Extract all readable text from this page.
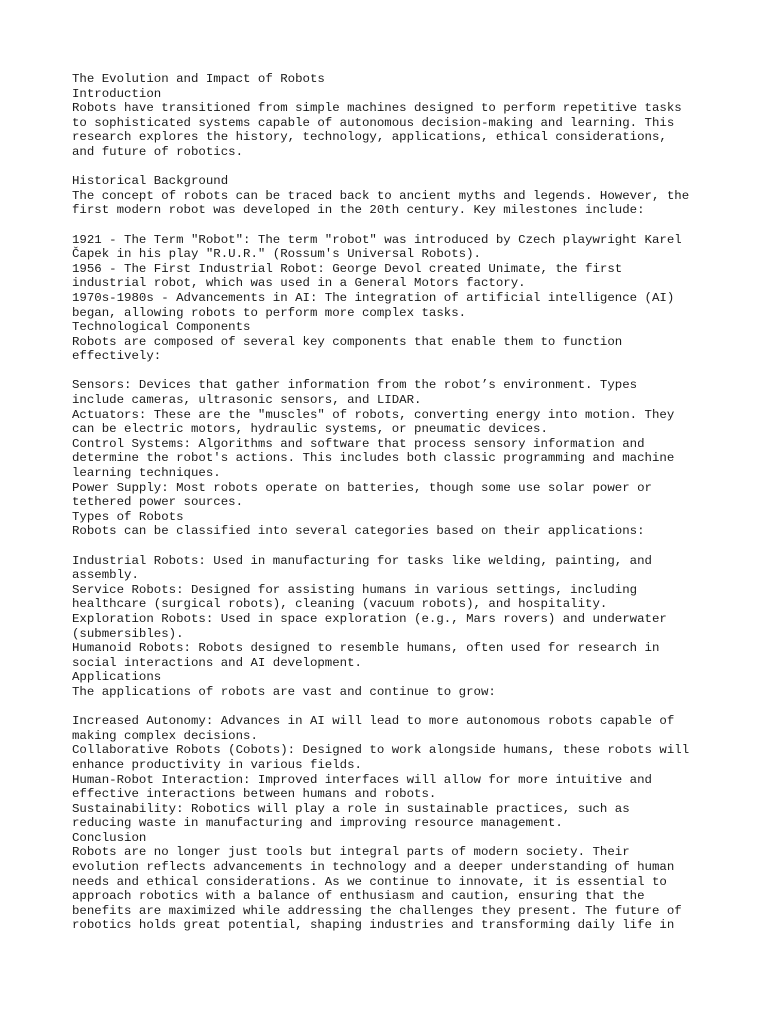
The Evolution and Impact of Robots
Introduction
Robots have transitioned from simple machines designed to perform repetitive tasks
to sophisticated systems capable of autonomous decision-making and learning. This
research explores the history, technology, applications, ethical considerations,
and future of robotics.
Historical Background
The concept of robots can be traced back to ancient myths and legends. However, the
first modern robot was developed in the 20th century. Key milestones include:
1921 - The Term "Robot": The term "robot" was introduced by Czech playwright Karel
Čapek in his play "R.U.R." (Rossum's Universal Robots).
1956 - The First Industrial Robot: George Devol created Unimate, the first
industrial robot, which was used in a General Motors factory.
1970s-1980s - Advancements in AI: The integration of artificial intelligence (AI)
began, allowing robots to perform more complex tasks.
Technological Components
Robots are composed of several key components that enable them to function
effectively:
Sensors: Devices that gather information from the robot’s environment. Types
include cameras, ultrasonic sensors, and LIDAR.
Actuators: These are the "muscles" of robots, converting energy into motion. They
can be electric motors, hydraulic systems, or pneumatic devices.
Control Systems: Algorithms and software that process sensory information and
determine the robot's actions. This includes both classic programming and machine
learning techniques.
Power Supply: Most robots operate on batteries, though some use solar power or
tethered power sources.
Types of Robots
Robots can be classified into several categories based on their applications:
Industrial Robots: Used in manufacturing for tasks like welding, painting, and
assembly.
Service Robots: Designed for assisting humans in various settings, including
healthcare (surgical robots), cleaning (vacuum robots), and hospitality.
Exploration Robots: Used in space exploration (e.g., Mars rovers) and underwater
(submersibles).
Humanoid Robots: Robots designed to resemble humans, often used for research in
social interactions and AI development.
Applications
The applications of robots are vast and continue to grow:
Increased Autonomy: Advances in AI will lead to more autonomous robots capable of
making complex decisions.
Collaborative Robots (Cobots): Designed to work alongside humans, these robots will
enhance productivity in various fields.
Human-Robot Interaction: Improved interfaces will allow for more intuitive and
effective interactions between humans and robots.
Sustainability: Robotics will play a role in sustainable practices, such as
reducing waste in manufacturing and improving resource management.
Conclusion
Robots are no longer just tools but integral parts of modern society. Their
evolution reflects advancements in technology and a deeper understanding of human
needs and ethical considerations. As we continue to innovate, it is essential to
approach robotics with a balance of enthusiasm and caution, ensuring that the
benefits are maximized while addressing the challenges they present. The future of
robotics holds great potential, shaping industries and transforming daily life in
